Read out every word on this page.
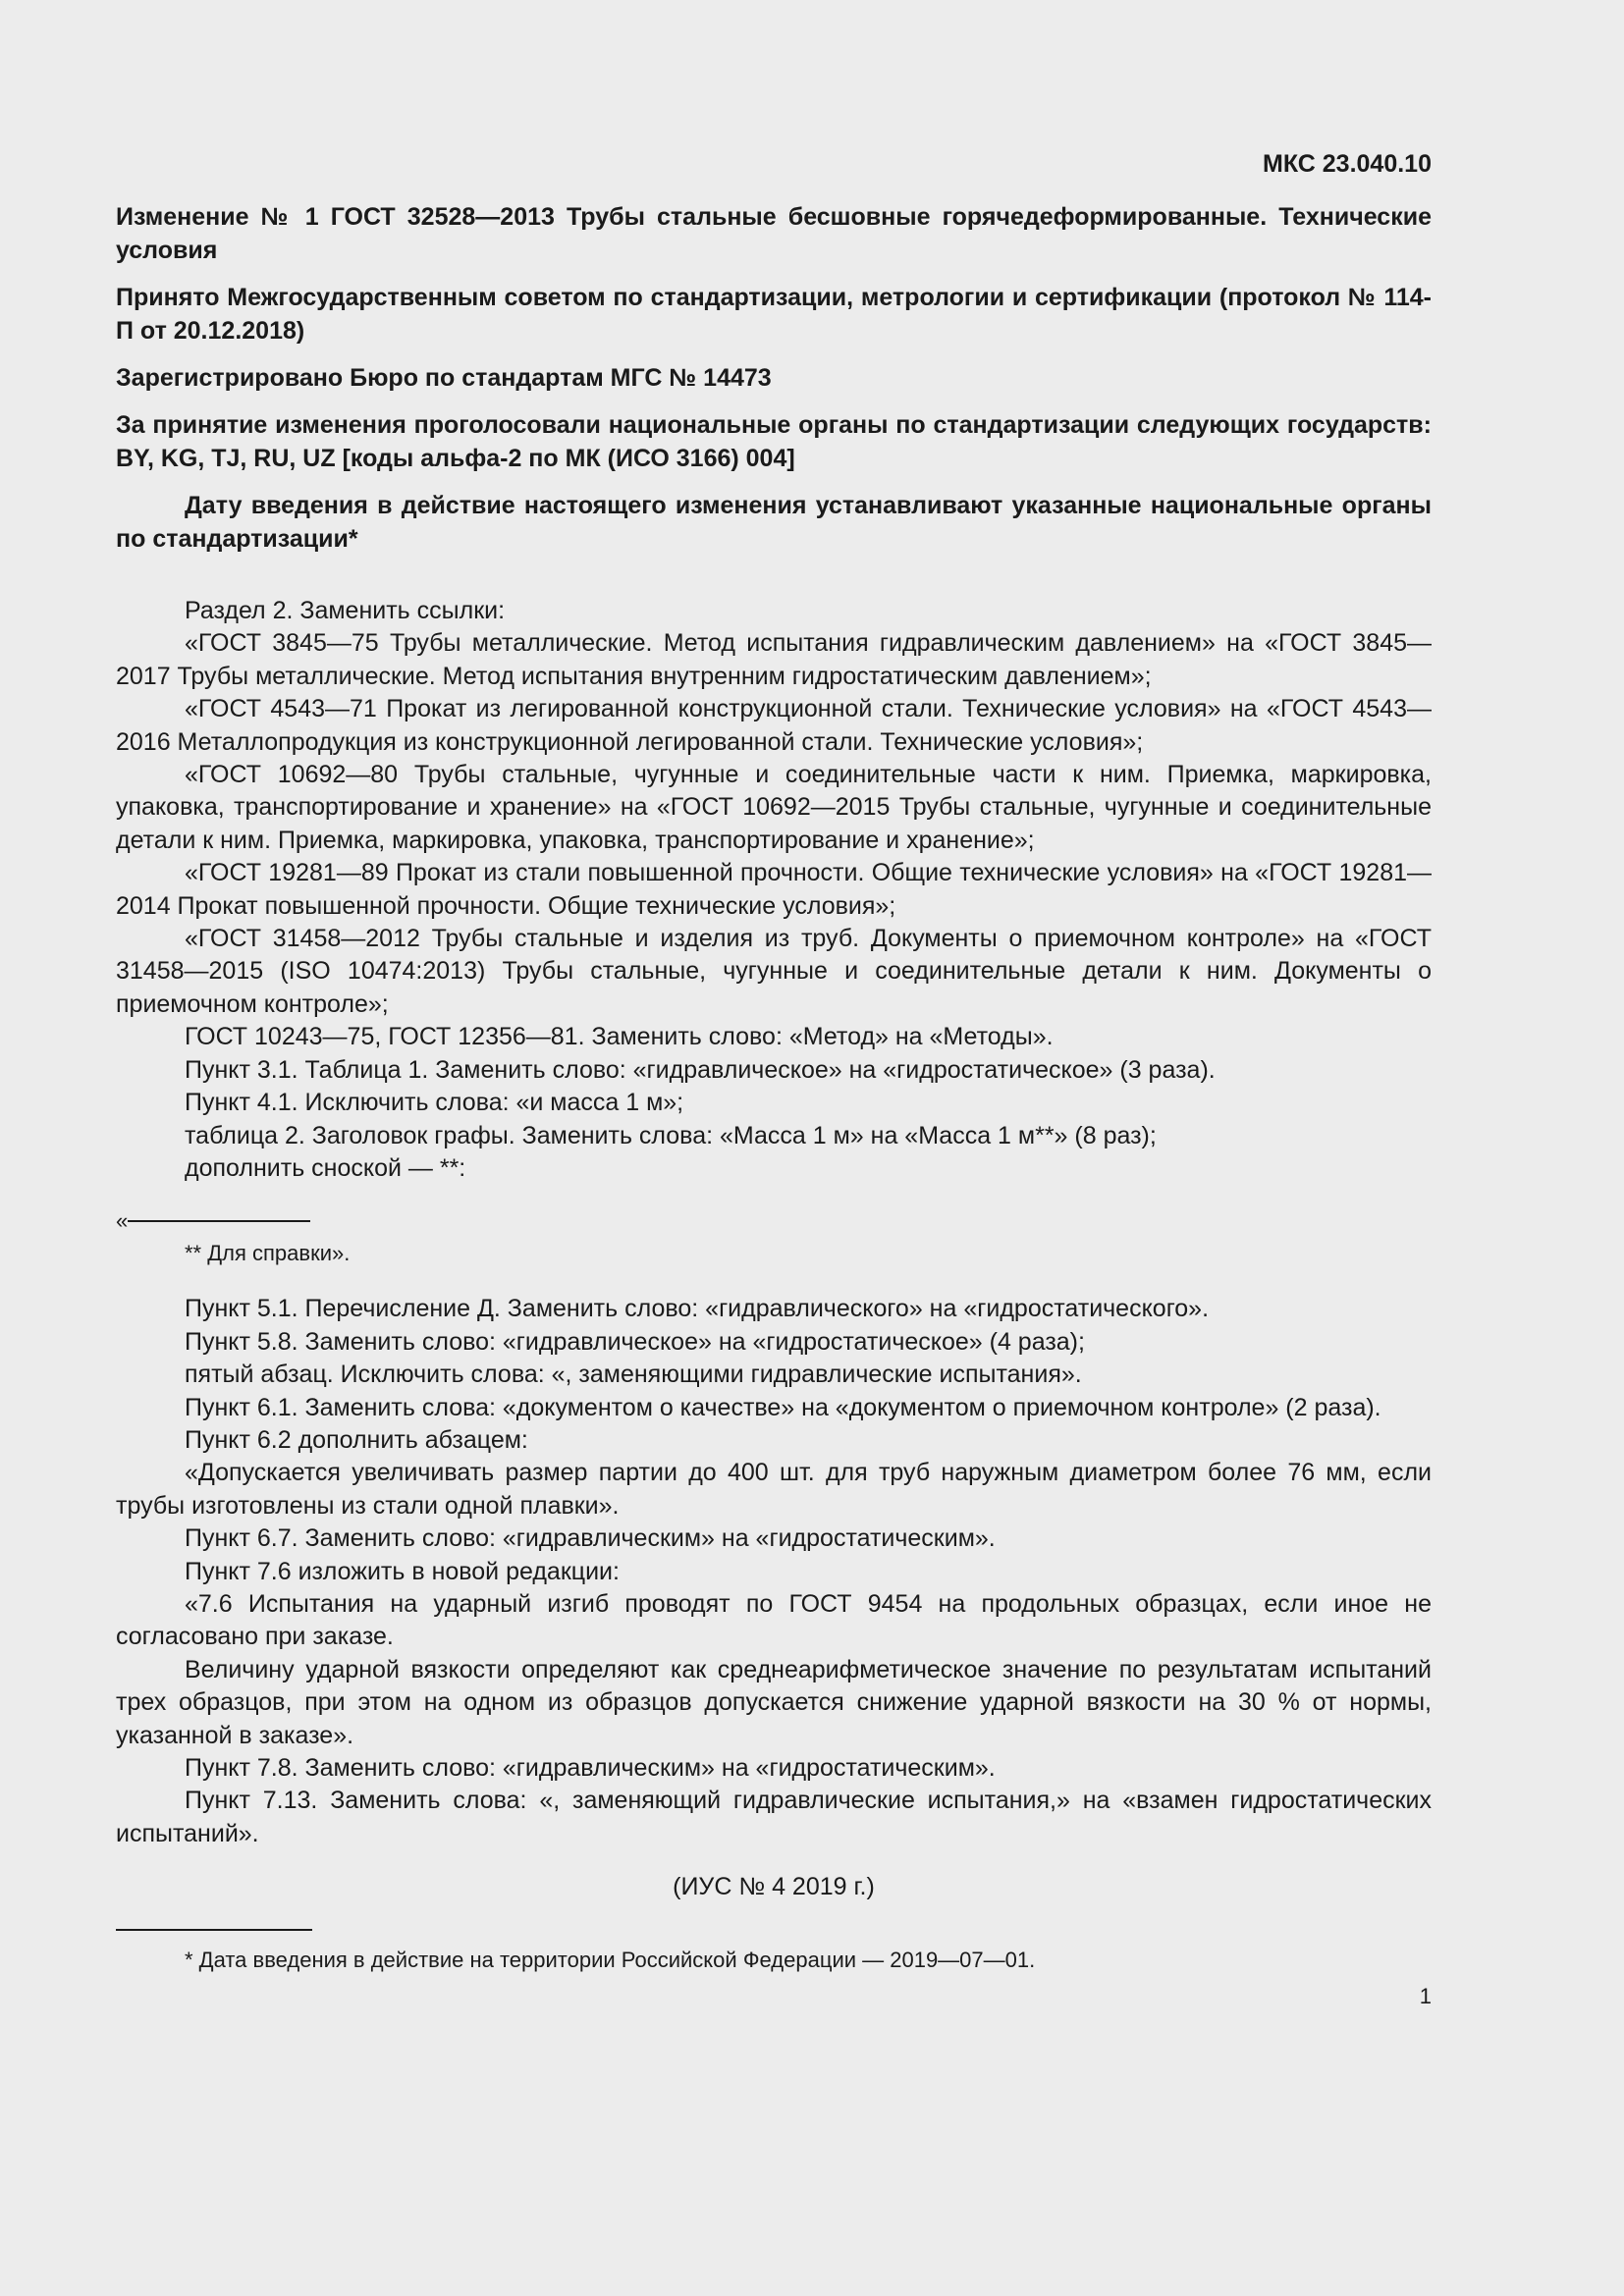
МКС 23.040.10
Изменение № 1 ГОСТ 32528—2013 Трубы стальные бесшовные горячедеформированные. Технические условия
Принято Межгосударственным советом по стандартизации, метрологии и сертификации (протокол № 114-П от 20.12.2018)
Зарегистрировано Бюро по стандартам МГС № 14473
За принятие изменения проголосовали национальные органы по стандартизации следующих государств: BY, KG, TJ, RU, UZ [коды альфа-2 по МК (ИСО 3166) 004]
Дату введения в действие настоящего изменения устанавливают указанные национальные органы по стандартизации*

Раздел 2. Заменить ссылки:

«ГОСТ 3845—75 Трубы металлические. Метод испытания гидравлическим давлением» на «ГОСТ 3845—2017 Трубы металлические. Метод испытания внутренним гидростатическим давлением»;

«ГОСТ 4543—71 Прокат из легированной конструкционной стали. Технические условия» на «ГОСТ 4543—2016 Металлопродукция из конструкционной легированной стали. Технические условия»;

«ГОСТ 10692—80 Трубы стальные, чугунные и соединительные части к ним. Приемка, маркировка, упаковка, транспортирование и хранение» на «ГОСТ 10692—2015 Трубы стальные, чугунные и соединительные детали к ним. Приемка, маркировка, упаковка, транспортирование и хранение»;

«ГОСТ 19281—89 Прокат из стали повышенной прочности. Общие технические условия» на «ГОСТ 19281—2014 Прокат повышенной прочности. Общие технические условия»;

«ГОСТ 31458—2012 Трубы стальные и изделия из труб. Документы о приемочном контроле» на «ГОСТ 31458—2015 (ISO 10474:2013) Трубы стальные, чугунные и соединительные детали к ним. Документы о приемочном контроле»;

ГОСТ 10243—75, ГОСТ 12356—81. Заменить слово: «Метод» на «Методы».

Пункт 3.1. Таблица 1. Заменить слово: «гидравлическое» на «гидростатическое» (3 раза).

Пункт 4.1. Исключить слова: «и масса 1 м»;

таблица 2. Заголовок графы. Заменить слова: «Масса 1 м» на «Масса 1 м**» (8 раз);

дополнить сноской — **:

«
** Для справки».

Пункт 5.1. Перечисление Д. Заменить слово: «гидравлического» на «гидростатического».

Пункт 5.8. Заменить слово: «гидравлическое» на «гидростатическое» (4 раза);

пятый абзац. Исключить слова: «, заменяющими гидравлические испытания».

Пункт 6.1. Заменить слова: «документом о качестве» на «документом о приемочном контроле» (2 раза).

Пункт 6.2 дополнить абзацем:

«Допускается увеличивать размер партии до 400 шт. для труб наружным диаметром более 76 мм, если трубы изготовлены из стали одной плавки».

Пункт 6.7. Заменить слово: «гидравлическим» на «гидростатическим».

Пункт 7.6 изложить в новой редакции:

«7.6 Испытания на ударный изгиб проводят по ГОСТ 9454 на продольных образцах, если иное не согласовано при заказе.

Величину ударной вязкости определяют как среднеарифметическое значение по результатам испытаний трех образцов, при этом на одном из образцов допускается снижение ударной вязкости на 30 % от нормы, указанной в заказе».

Пункт 7.8. Заменить слово: «гидравлическим» на «гидростатическим».

Пункт 7.13. Заменить слова: «, заменяющий гидравлические испытания,» на «взамен гидростатических испытаний».

(ИУС № 4 2019 г.)
* Дата введения в действие на территории Российской Федерации — 2019—07—01.
1
